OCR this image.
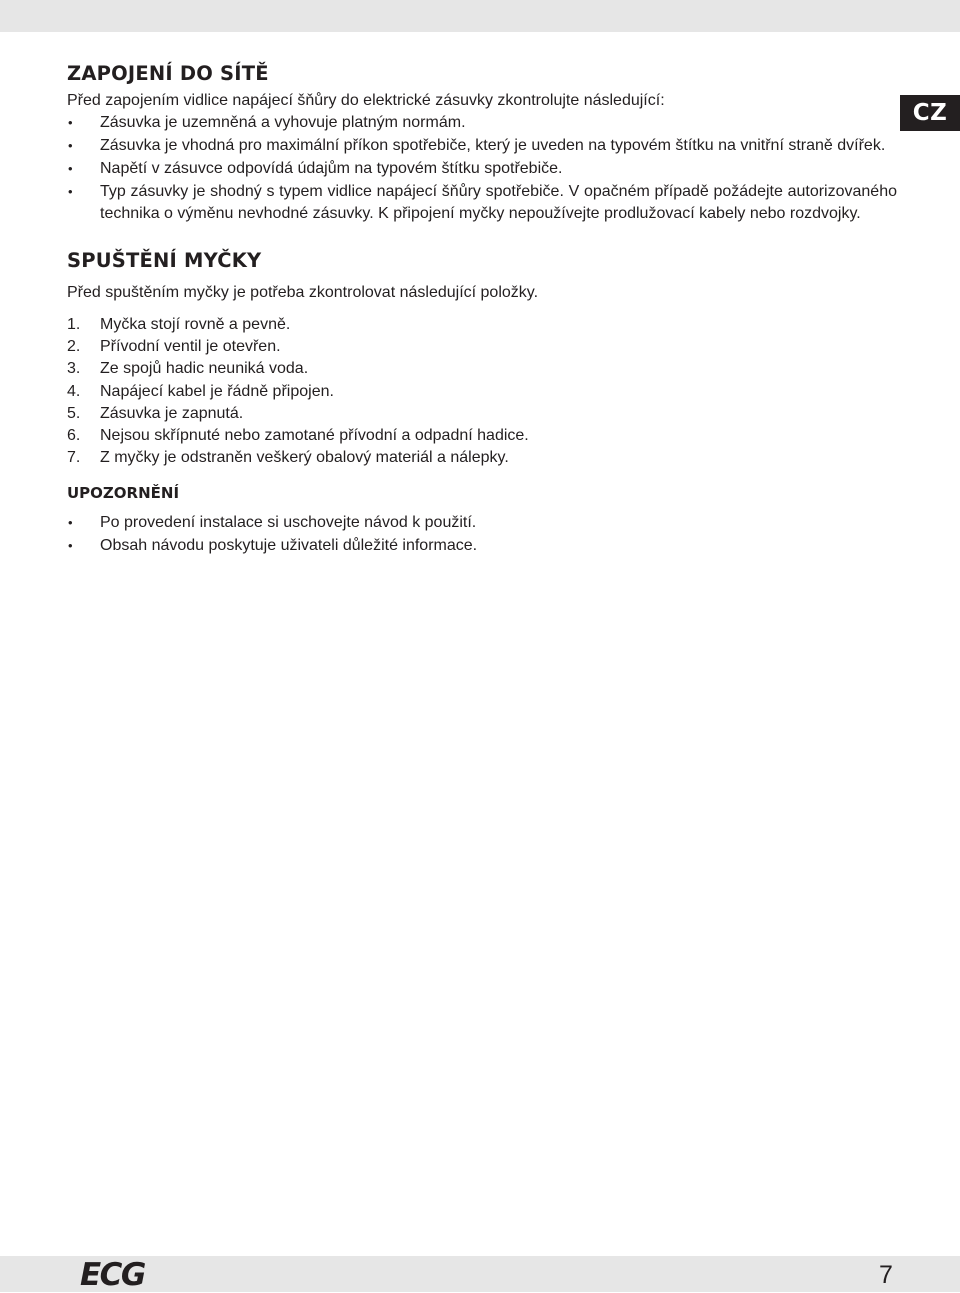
CZ
ZAPOJENÍ DO SÍTĚ

Před zapojením vidlice napájecí šňůry do elektrické zásuvky zkontrolujte následující:

• Zásuvka je uzemněná a vyhovuje platným normám.
• Zásuvka je vhodná pro maximální příkon spotřebiče, který je uveden na typovém štítku na vnitřní straně dvířek.
• Napětí v zásuvce odpovídá údajům na typovém štítku spotřebiče.
• Typ zásuvky je shodný s typem vidlice napájecí šňůry spotřebiče. V opačném případě požádejte autorizovaného technika o výměnu nevhodné zásuvky. K připojení myčky nepoužívejte prodlužovací kabely nebo rozdvojky.
SPUŠTĚNÍ MYČKY

Před spuštěním myčky je potřeba zkontrolovat následující položky.

1. Myčka stojí rovně a pevně.
2. Přívodní ventil je otevřen.
3. Ze spojů hadic neuniká voda.
4. Napájecí kabel je řádně připojen.
5. Zásuvka je zapnutá.
6. Nejsou skřípnuté nebo zamotané přívodní a odpadní hadice.
7. Z myčky je odstraněn veškerý obalový materiál a nálepky.
UPOZORNĚNÍ
• Po provedení instalace si uschovejte návod k použití.
• Obsah návodu poskytuje uživateli důležité informace.
ECG	7
